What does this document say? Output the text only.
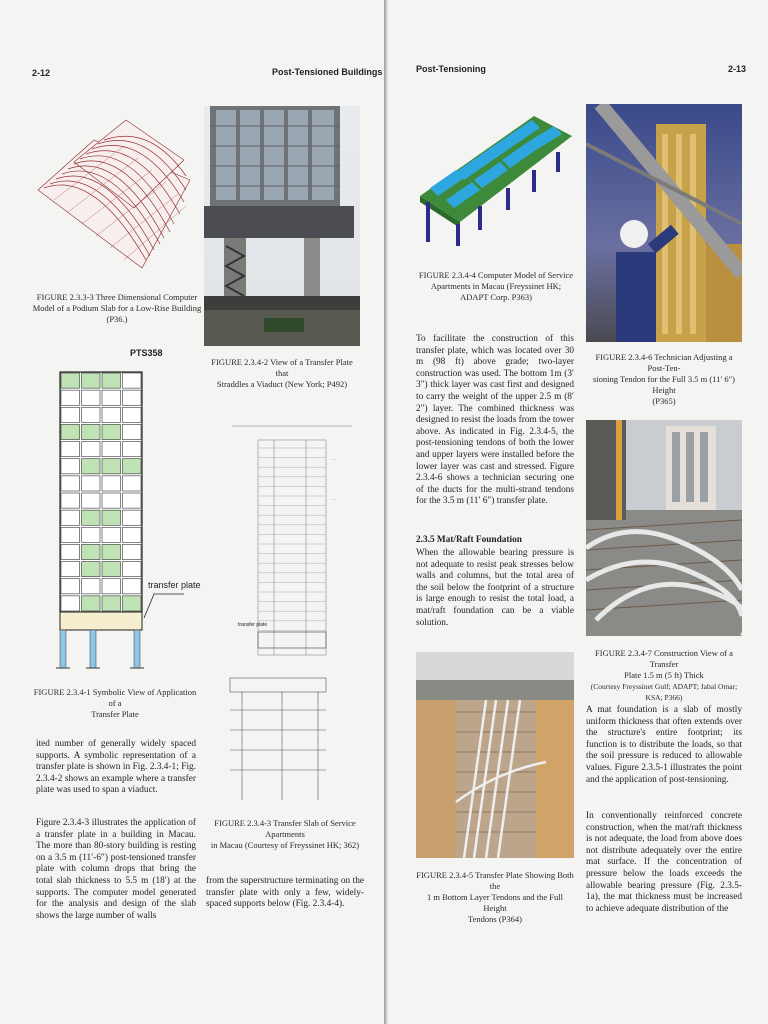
2-12	Post-Tensioned Buildings
FIGURE 2.3.3-3 Three Dimensional Computer
Model of a Podium Slab for a Low-Rise Building
(P36.)
FIGURE 2.3.4-2 View of a Transfer Plate that
Straddles a Viaduct (New York; P492)
PTS358
transfer plate
FIGURE 2.3.4-1 Symbolic View of Application of a
Transfer Plate
—
—
transfer plate
FIGURE 2.3.4-3 Transfer Slab of Service Apartments
in Macau (Courtesy of Freyssinet HK; 362)
ited number of generally widely spaced supports. A symbolic representation of a transfer plate is shown in Fig. 2.3.4-1; Fig. 2.3.4-2 shows an example where a transfer plate was used to span a viaduct.
Figure 2.3.4-3 illustrates the application of a transfer plate in a building in Macau. The more than 80-story building is resting on a 3.5 m (11′-6″) post-tensioned transfer plate with column drops that bring the total slab thickness to 5.5 m (18′) at the supports. The computer model generated for the analysis and design of the slab shows the large number of walls
from the superstructure terminating on the transfer plate with only a few, widely-spaced supports below (Fig. 2.3.4-4).
Post-Tensioning	2-13
FIGURE 2.3.4-4 Computer Model of Service
Apartments in Macau (Freyssinet HK; ADAPT Corp. P363)
FIGURE 2.3.4-6 Technician Adjusting a Post-Ten-
sioning Tendon for the Full 3.5 m (11′ 6″) Height
(P365)
To facilitate the construction of this transfer plate, which was located over 30 m (98 ft) above grade; two-layer construction was used. The bottom 1m (3′ 3″) thick layer was cast first and designed to carry the weight of the upper 2.5 m (8′ 2″) layer. The combined thickness was designed to resist the loads from the tower above. As indicated in Fig. 2.3.4-5, the post-tensioning tendons of both the lower and upper layers were installed before the lower layer was cast and stressed. Figure 2.3.4-6 shows a technician securing one of the ducts for the multi-strand tendons for the 3.5 m (11′ 6″) transfer plate.
2.3.5 Mat/Raft Foundation
When the allowable bearing pressure is not adequate to resist peak stresses below walls and columns, but the total area of the soil below the footprint of a structure is large enough to resist the total load, a mat/raft foundation can be a viable solution.
FIGURE 2.3.4-7 Construction View of a Transfer
Plate 1.5 m (5 ft) Thick
(Courtesy Freyssinet Gulf; ADAPT; Jabal Omar; KSA; P366)
FIGURE 2.3.4-5 Transfer Plate Showing Both the
1 m Bottom Layer Tendons and the Full Height
Tendons (P364)
A mat foundation is a slab of mostly uniform thickness that often extends over the structure's entire footprint; its function is to distribute the loads, so that the soil pressure is reduced to allowable values. Figure 2.3.5-1 illustrates the point and the application of post-tensioning.
In conventionally reinforced concrete construction, when the mat/raft thickness is not adequate, the load from above does not distribute adequately over the entire mat surface. If the concentration of pressure below the loads exceeds the allowable bearing pressure (Fig. 2.3.5-1a), the mat thickness must be increased to achieve adequate distribution of the
